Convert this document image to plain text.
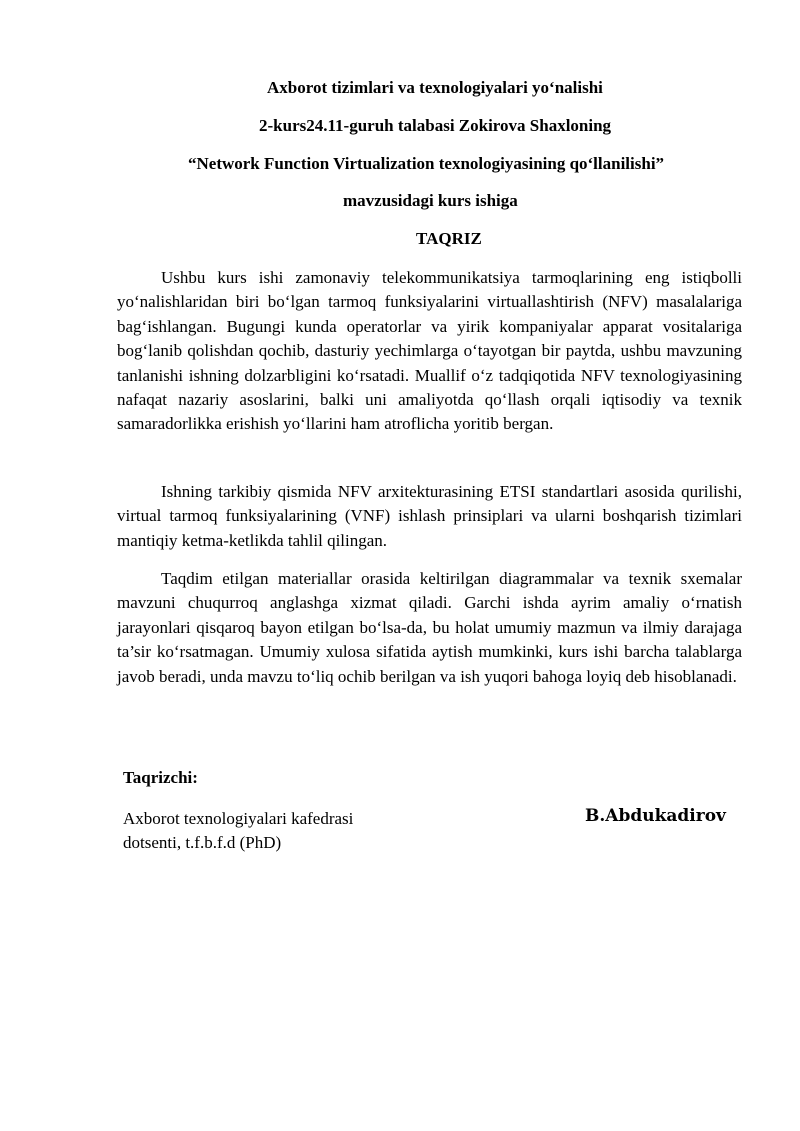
Axborot tizimlari va texnologiyalari yo‘nalishi
2-kurs24.11-guruh talabasi Zokirova Shaxloning
“Network Function Virtualization texnologiyasining qo‘llanilishi”
mavzusidagi kurs ishiga
TAQRIZ

Ushbu kurs ishi zamonaviy telekommunikatsiya tarmoqlarining eng istiqbolli yo‘nalishlaridan biri bo‘lgan tarmoq funksiyalarini virtuallashtirish (NFV) masalalariga bag‘ishlangan. Bugungi kunda operatorlar va yirik kompaniyalar apparat vositalariga bog‘lanib qolishdan qochib, dasturiy yechimlarga o‘tayotgan bir paytda, ushbu mavzuning tanlanishi ishning dolzarbligini ko‘rsatadi. Muallif o‘z tadqiqotida NFV texnologiyasining nafaqat nazariy asoslarini, balki uni amaliyotda qo‘llash orqali iqtisodiy va texnik samaradorlikka erishish yo‘llarini ham atroflicha yoritib bergan.

Ishning tarkibiy qismida NFV arxitekturasining ETSI standartlari asosida qurilishi, virtual tarmoq funksiyalarining (VNF) ishlash prinsiplari va ularni boshqarish tizimlari mantiqiy ketma-ketlikda tahlil qilingan.

Taqdim etilgan materiallar orasida keltirilgan diagrammalar va texnik sxemalar mavzuni chuqurroq anglashga xizmat qiladi. Garchi ishda ayrim amaliy o‘rnatish jarayonlari qisqaroq bayon etilgan bo‘lsa-da, bu holat umumiy mazmun va ilmiy darajaga ta’sir ko‘rsatmagan. Umumiy xulosa sifatida aytish mumkinki, kurs ishi barcha talablarga javob beradi, unda mavzu to‘liq ochib berilgan va ish yuqori bahoga loyiq deb hisoblanadi.

Taqrizchi:
Axborot texnologiyalari kafedrasi
dotsenti, t.f.b.f.d (PhD)
B.Abdukadirov
